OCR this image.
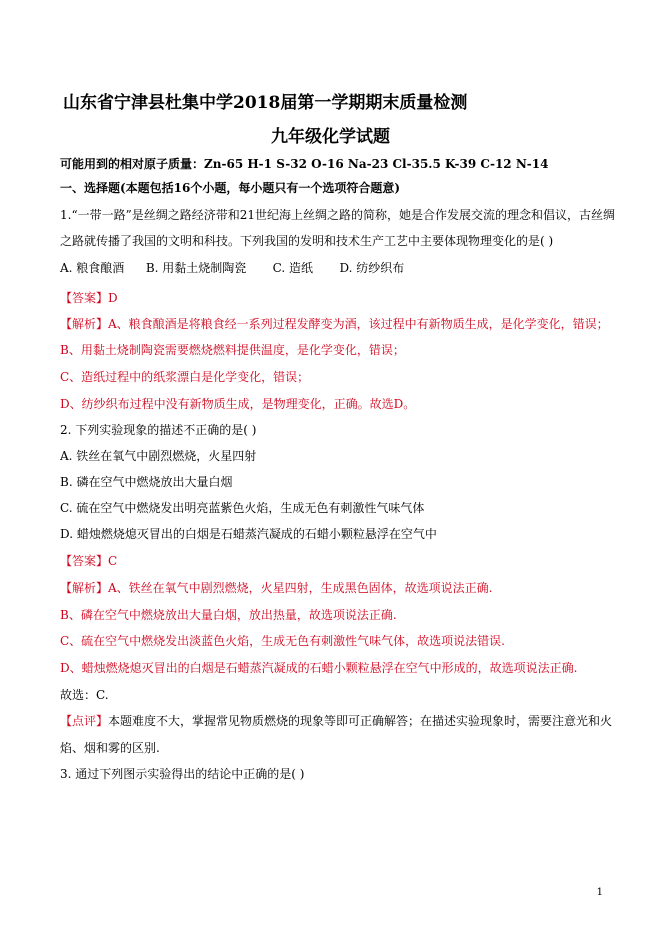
山东省宁津县杜集中学2018届第一学期期末质量检测
九年级化学试题
可能用到的相对原子质量：Zn-65 H-1 S-32 O-16 Na-23 Cl-35.5 K-39 C-12 N-14
一、选择题(本题包括16个小题，每小题只有一个选项符合题意)
1.“一带一路”是丝绸之路经济带和21世纪海上丝绸之路的简称，她是合作发展交流的理念和倡议，古丝绸
之路就传播了我国的文明和科技。下列我国的发明和技术生产工艺中主要体现物理变化的是( )
A. 粮食酿酒 B. 用黏土烧制陶瓷 C. 造纸 D. 纺纱织布
【答案】D
【解析】A、粮食酿酒是将粮食经一系列过程发酵变为酒，该过程中有新物质生成，是化学变化，错误；
B、用黏土烧制陶瓷需要燃烧燃料提供温度，是化学变化，错误；
C、造纸过程中的纸浆漂白是化学变化，错误；
D、纺纱织布过程中没有新物质生成，是物理变化，正确。故选D。
2. 下列实验现象的描述不正确的是( )
A. 铁丝在氧气中剧烈燃烧，火星四射
B. 磷在空气中燃烧放出大量白烟
C. 硫在空气中燃烧发出明亮蓝紫色火焰，生成无色有刺激性气味气体
D. 蜡烛燃烧熄灭冒出的白烟是石蜡蒸汽凝成的石蜡小颗粒悬浮在空气中
【答案】C
【解析】A、铁丝在氧气中剧烈燃烧，火星四射，生成黑色固体，故选项说法正确.
B、磷在空气中燃烧放出大量白烟，放出热量，故选项说法正确.
C、硫在空气中燃烧发出淡蓝色火焰，生成无色有刺激性气味气体，故选项说法错误.
D、蜡烛燃烧熄灭冒出的白烟是石蜡蒸汽凝成的石蜡小颗粒悬浮在空气中形成的，故选项说法正确.
故选：C.
【点评】本题难度不大，掌握常见物质燃烧的现象等即可正确解答；在描述实验现象时，需要注意光和火
焰、烟和雾的区别.
3. 通过下列图示实验得出的结论中正确的是( )
1
